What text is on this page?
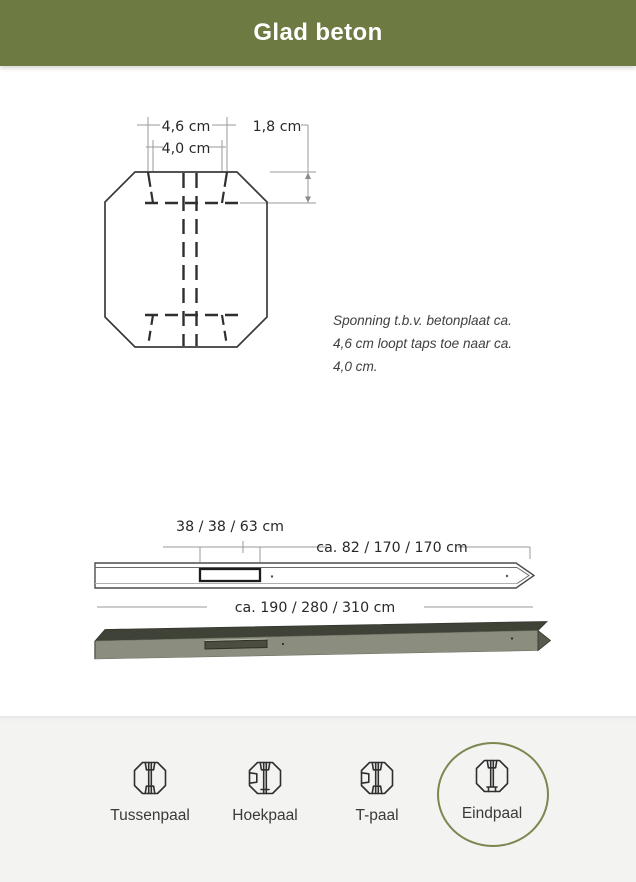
Glad beton
4,6 cm
4,0 cm
1,8 cm
38 / 38 / 63 cm
ca. 82 / 170 / 170 cm
ca. 190 / 280 / 310 cm
Sponning t.b.v. betonplaat ca. 4,6 cm loopt taps toe naar ca. 4,0 cm.
Tussenpaal	Hoekpaal	T-paal	Eindpaal
